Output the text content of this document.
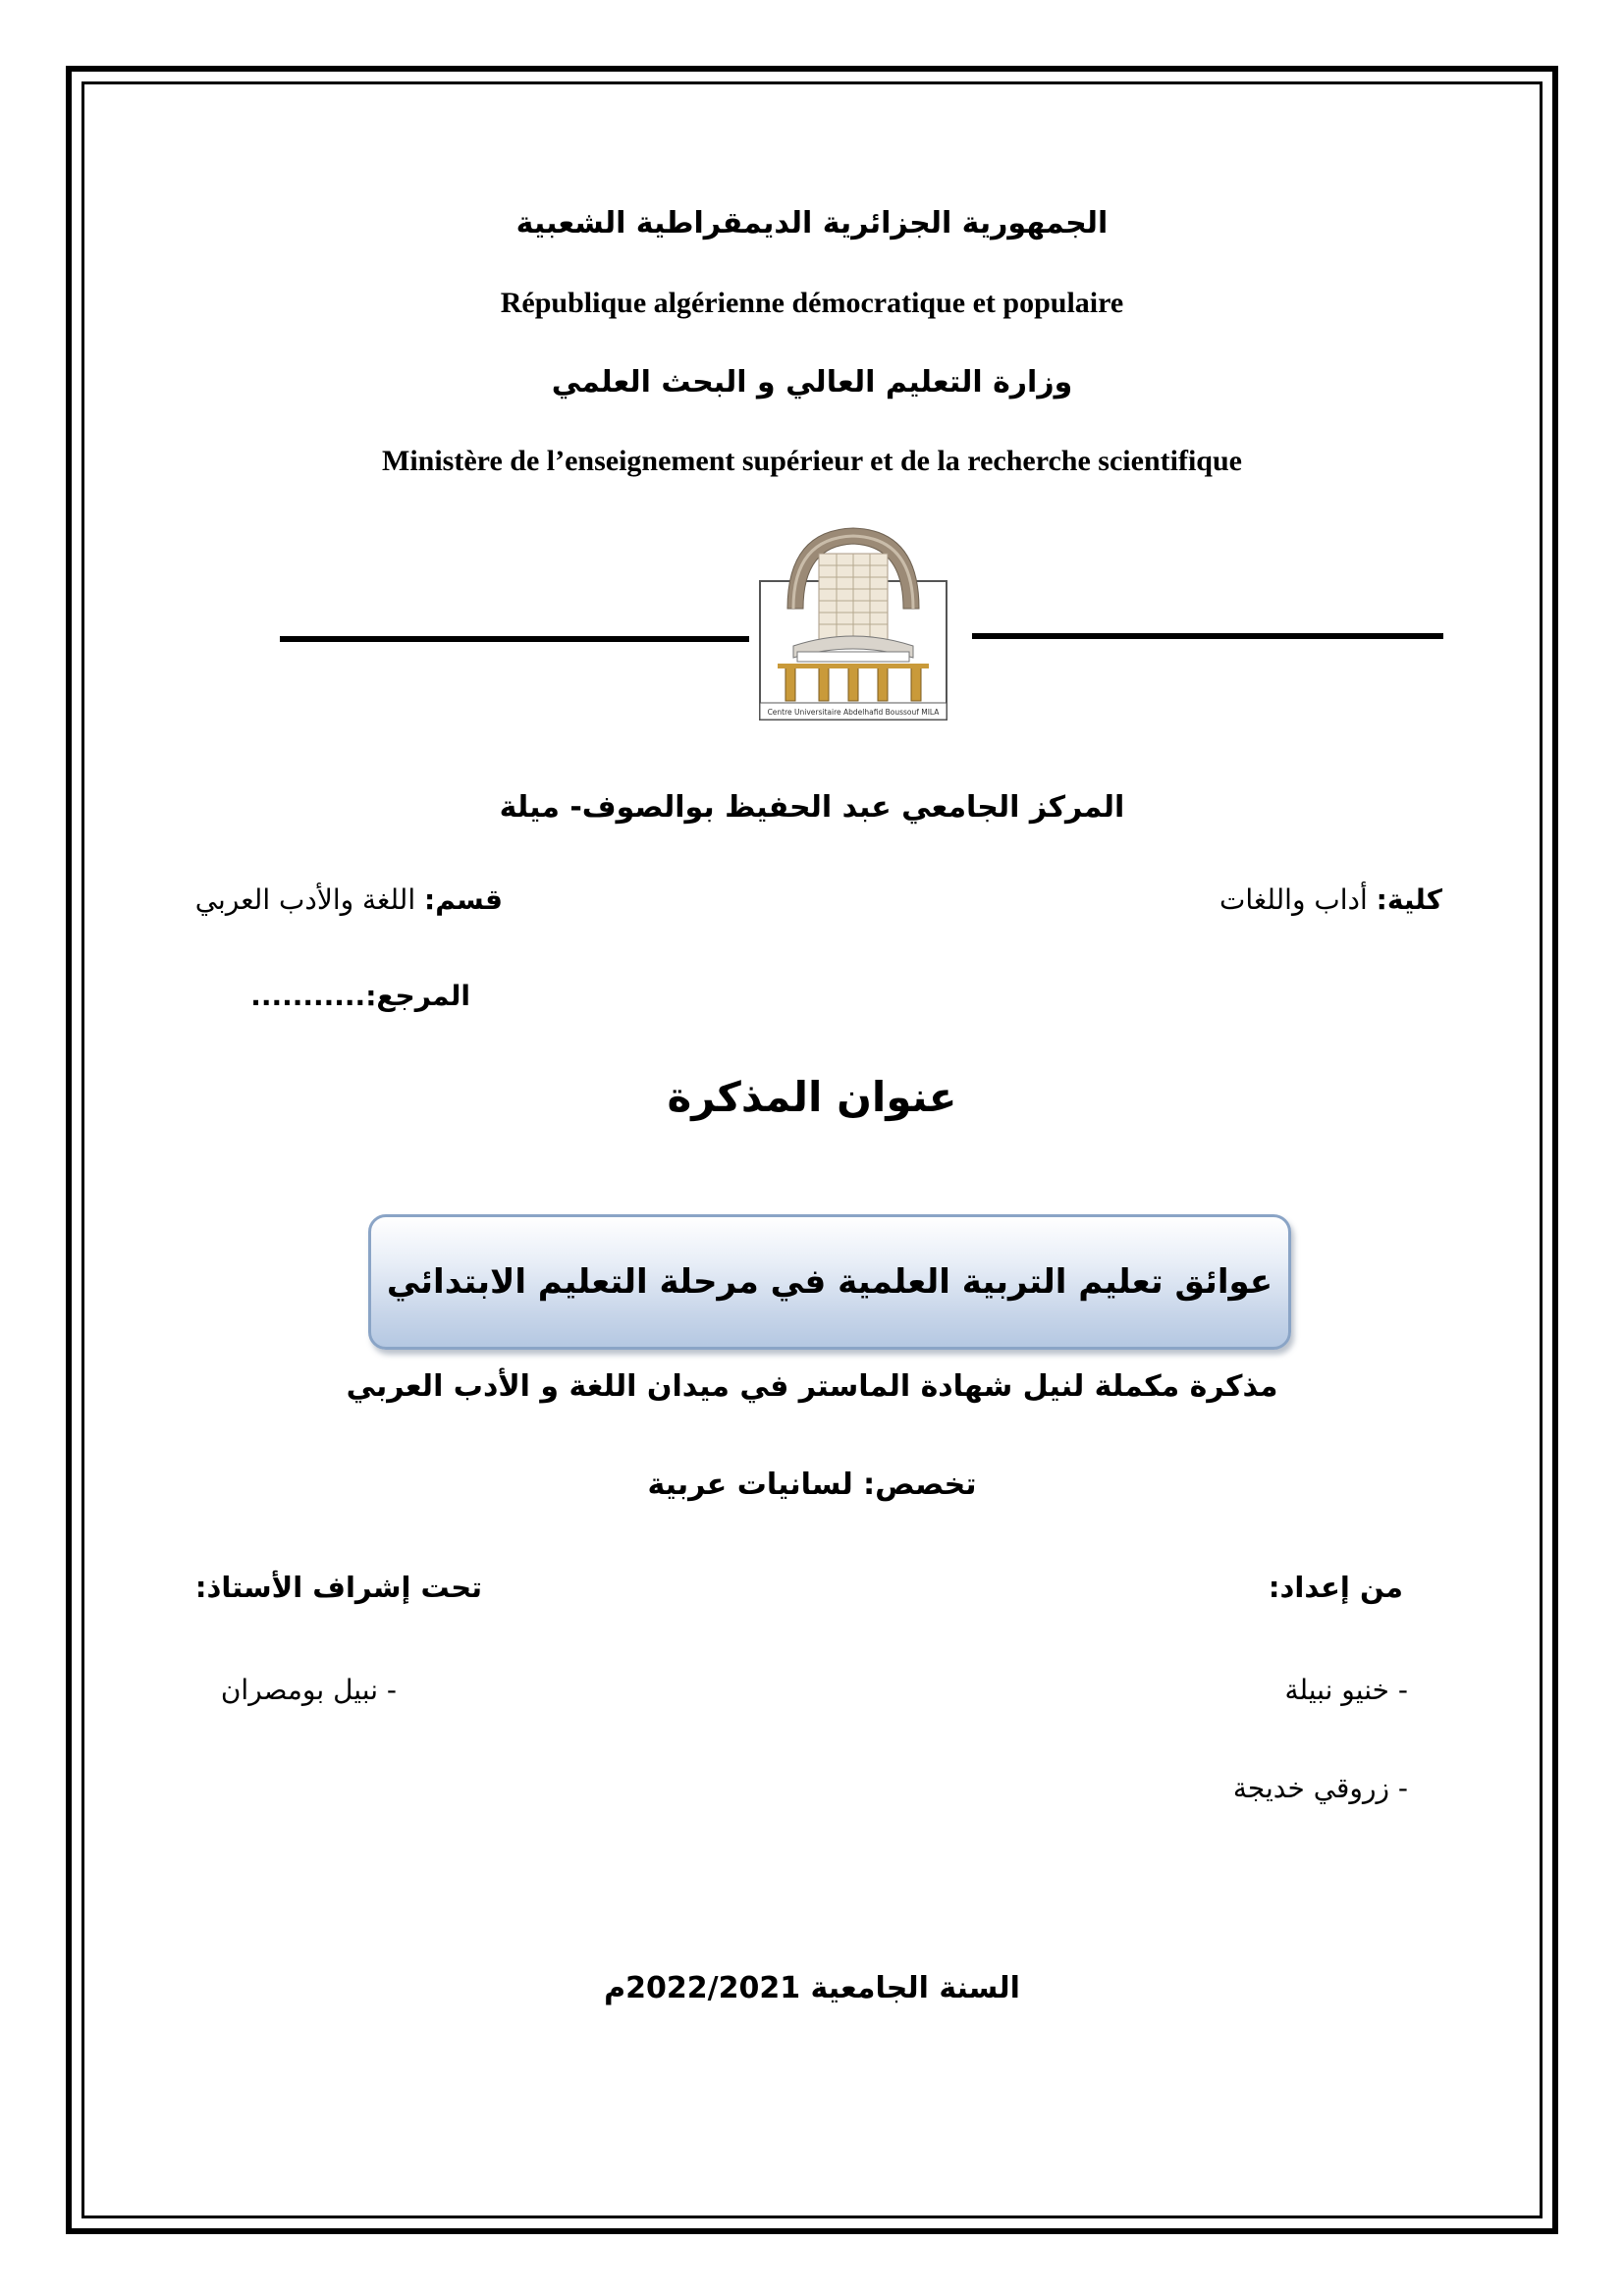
الجمهورية الجزائرية الديمقراطية الشعبية
République algérienne démocratique et populaire
وزارة التعليم العالي و البحث العلمي
Ministère de l’enseignement supérieur et de la recherche scientifique
Centre Universitaire Abdelhafid Boussouf MILA
المركز الجامعي عبد الحفيظ بوالصوف- ميلة
كلية: أداب واللغات
قسم: اللغة والأدب العربي
المرجع:...........
عنوان المذكرة
عوائق تعليم التربية العلمية في مرحلة التعليم الابتدائي
مذكرة مكملة لنيل شهادة الماستر في ميدان اللغة و الأدب العربي
تخصص: لسانيات عربية
من إعداد:
تحت إشراف الأستاذ:
- خنيو نبيلة
- نبيل بومصران
- زروقي خديجة
السنة الجامعية 2022/2021م
